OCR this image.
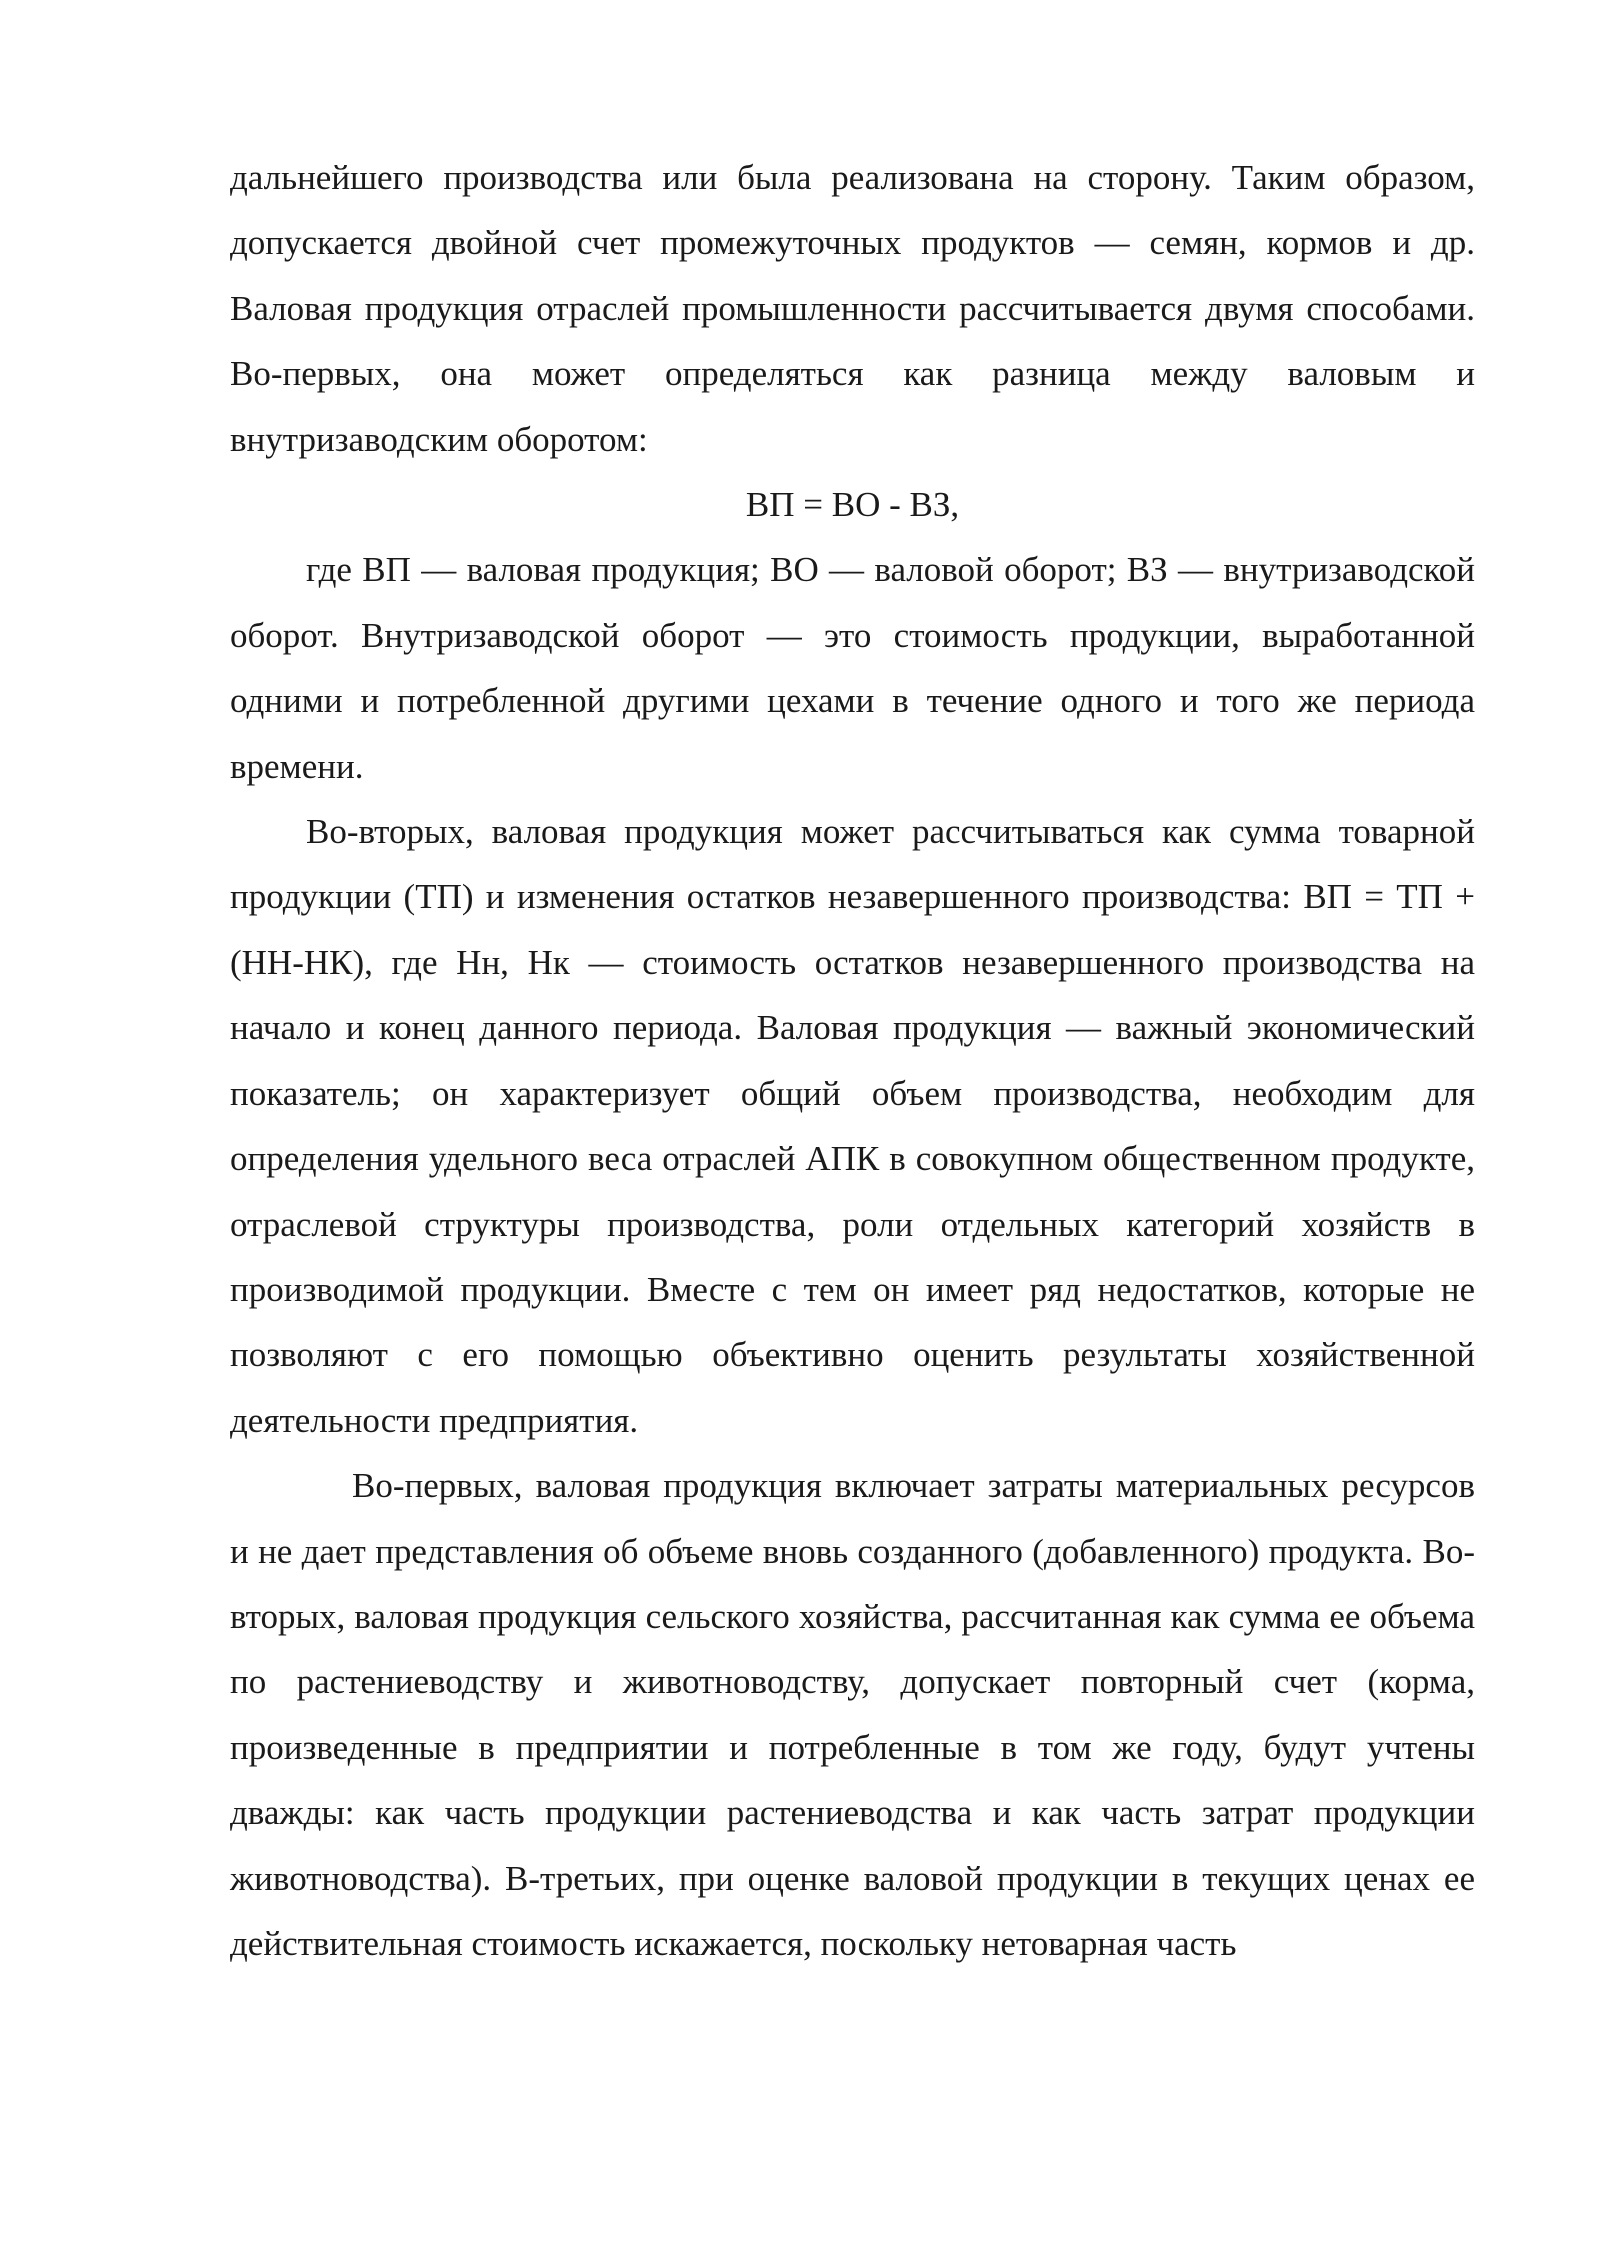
дальнейшего производства или была реализована на сторону. Таким образом, допускается двойной счет промежуточных продуктов — семян, кормов и др. Валовая продукция отраслей промышленности рассчитывается двумя способами. Во-первых, она может определяться как разница между валовым и внутризаводским оборотом:

ВП = ВО - ВЗ,

где ВП — валовая продукция; ВО — валовой оборот; ВЗ — внутризаводской оборот. Внутризаводской оборот — это стоимость продукции, выработанной одними и потребленной другими цехами в течение одного и того же периода времени.

Во-вторых, валовая продукция может рассчитываться как сумма товарной продукции (ТП) и изменения остатков незавершенного производства: ВП = ТП + (НН-НК), где Нн, Нк — стоимость остатков незавершенного производства на начало и конец данного периода. Валовая продукция — важный экономический показатель; он характеризует общий объем производства, необходим для определения удельного веса отраслей АПК в совокупном общественном продукте, отраслевой структуры производства, роли отдельных категорий хозяйств в производимой продукции. Вместе с тем он имеет ряд недостатков, которые не позволяют с его помощью объективно оценить результаты хозяйственной деятельности предприятия.

Во-первых, валовая продукция включает затраты материальных ресурсов и не дает представления об объеме вновь созданного (добавленного) продукта. Во-вторых, валовая продукция сельского хозяйства, рассчитанная как сумма ее объема по растениеводству и животноводству, допускает повторный счет (корма, произведенные в предприятии и потребленные в том же году, будут учтены дважды: как часть продукции растениеводства и как часть затрат продукции животноводства). В-третьих, при оценке валовой продукции в текущих ценах ее действительная стоимость искажается, поскольку нетоварная часть
